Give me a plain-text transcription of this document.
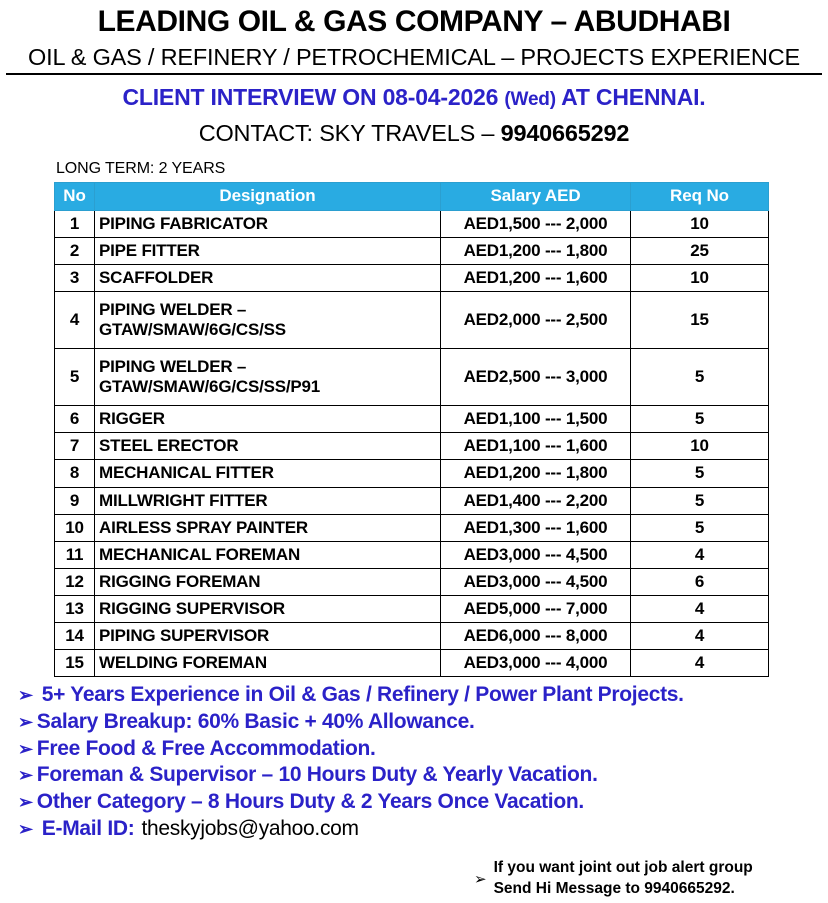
LEADING OIL & GAS COMPANY – ABUDHABI
OIL & GAS / REFINERY / PETROCHEMICAL – PROJECTS EXPERIENCE
CLIENT INTERVIEW ON 08-04-2026 (Wed) AT CHENNAI.
CONTACT: SKY TRAVELS – 9940665292
LONG TERM: 2 YEARS
No	Designation	Salary AED	Req No
1	PIPING FABRICATOR	AED1,500 --- 2,000	10
2	PIPE FITTER	AED1,200 --- 1,800	25
3	SCAFFOLDER	AED1,200 --- 1,600	10
4	PIPING WELDER –
GTAW/SMAW/6G/CS/SS	AED2,000 --- 2,500	15
5	PIPING WELDER –
GTAW/SMAW/6G/CS/SS/P91	AED2,500 --- 3,000	5
6	RIGGER	AED1,100 --- 1,500	5
7	STEEL ERECTOR	AED1,100 --- 1,600	10
8	MECHANICAL FITTER	AED1,200 --- 1,800	5
9	MILLWRIGHT FITTER	AED1,400 --- 2,200	5
10	AIRLESS SPRAY PAINTER	AED1,300 --- 1,600	5
11	MECHANICAL FOREMAN	AED3,000 --- 4,500	4
12	RIGGING FOREMAN	AED3,000 --- 4,500	6
13	RIGGING SUPERVISOR	AED5,000 --- 7,000	4
14	PIPING SUPERVISOR	AED6,000 --- 8,000	4
15	WELDING FOREMAN	AED3,000 --- 4,000	4
➢ 5+ Years Experience in Oil & Gas / Refinery / Power Plant Projects.
➢ Salary Breakup: 60% Basic + 40% Allowance.
➢ Free Food & Free Accommodation.
➢ Foreman & Supervisor – 10 Hours Duty & Yearly Vacation.
➢ Other Category – 8 Hours Duty & 2 Years Once Vacation.
➢ E-Mail ID: theskyjobs@yahoo.com
➢
If you want joint out job alert group
Send Hi Message to 9940665292.
